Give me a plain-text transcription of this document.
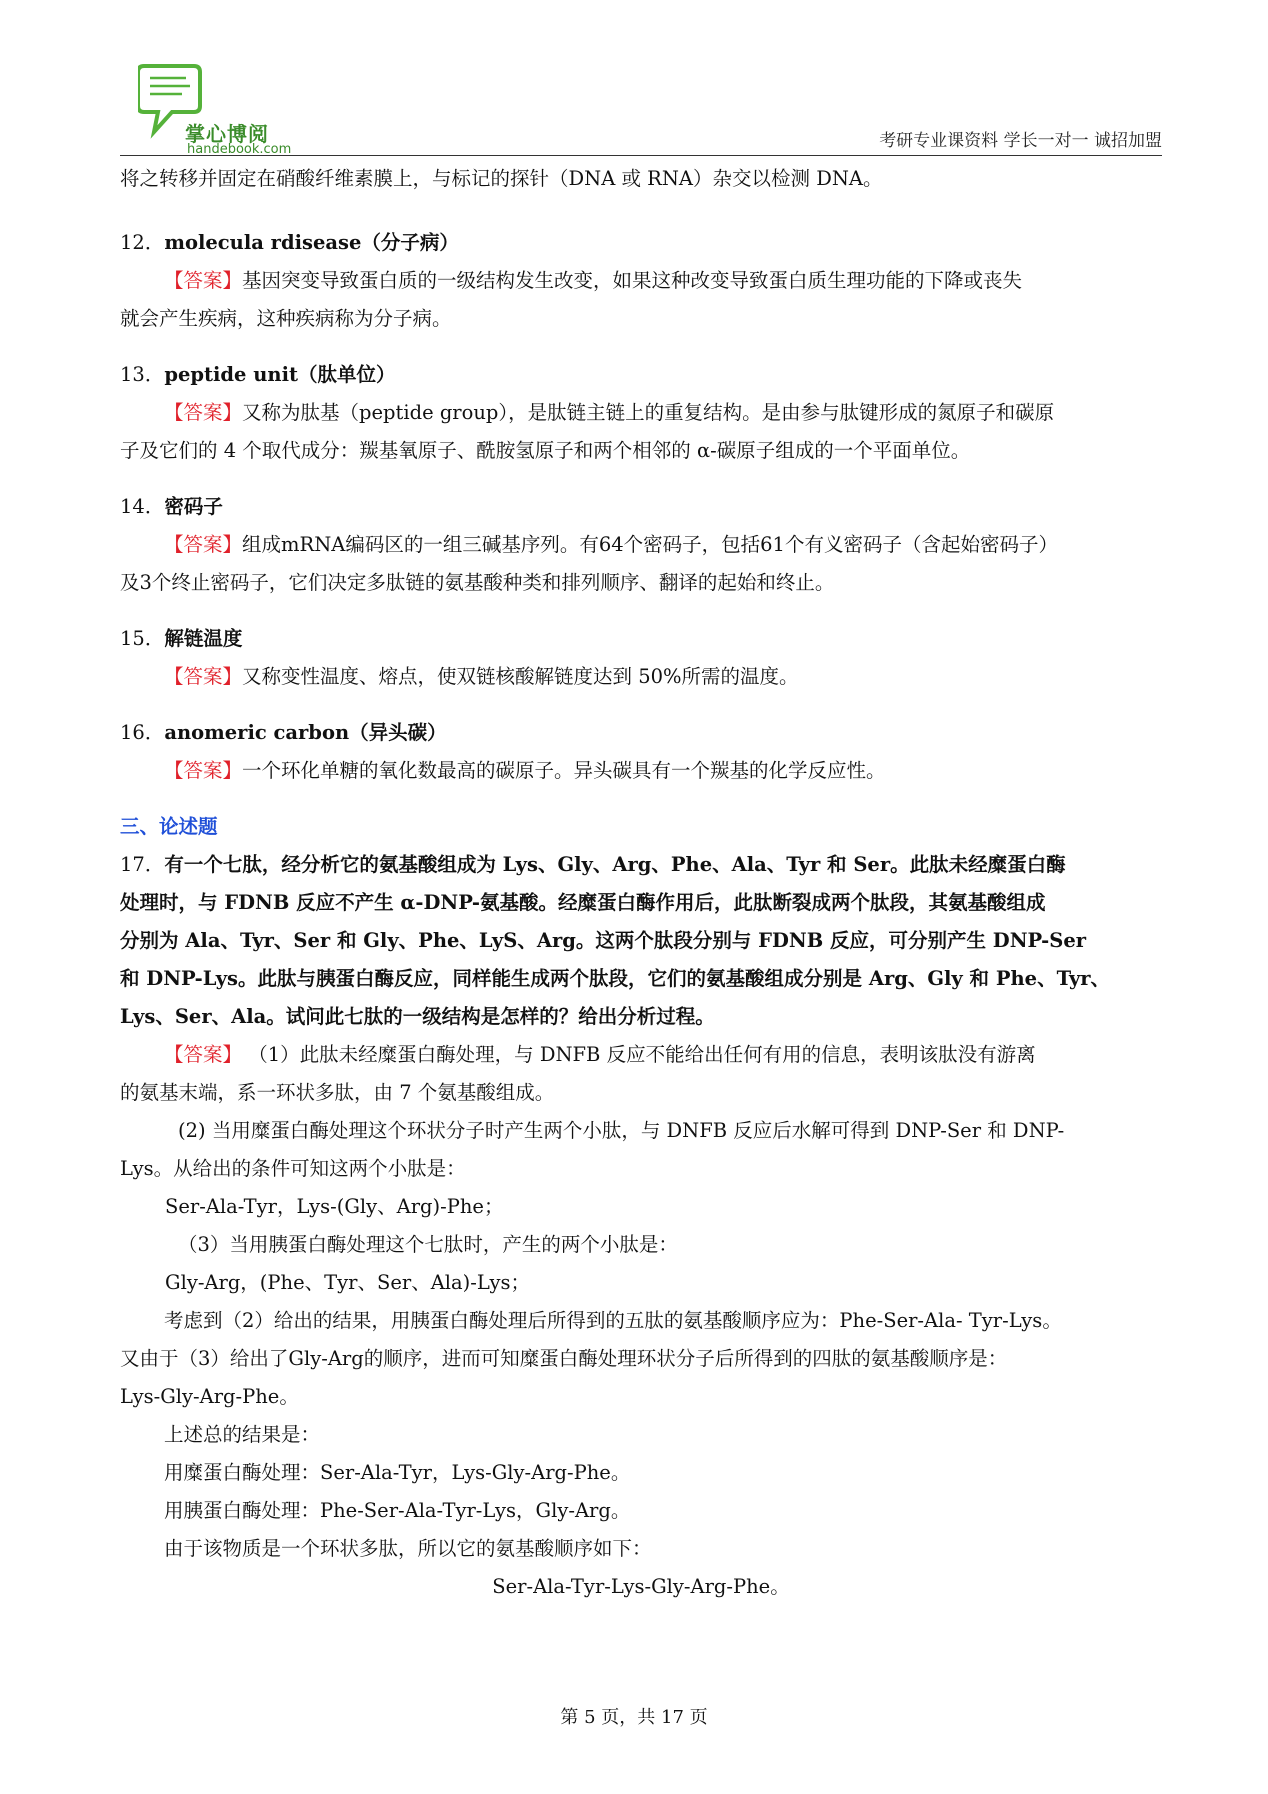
掌心博阅
handebook.com	考研专业课资料 学长一对一 诚招加盟
将之转移并固定在硝酸纤维素膜上，与标记的探针（DNA 或 RNA）杂交以检测 DNA。
12．molecula rdisease（分子病）
【答案】基因突变导致蛋白质的一级结构发生改变，如果这种改变导致蛋白质生理功能的下降或丧失
就会产生疾病，这种疾病称为分子病。
13．peptide unit（肽单位）
【答案】又称为肽基（peptide group），是肽链主链上的重复结构。是由参与肽键形成的氮原子和碳原
子及它们的 4 个取代成分：羰基氧原子、酰胺氢原子和两个相邻的 α-碳原子组成的一个平面单位。
14．密码子
【答案】组成mRNA编码区的一组三碱基序列。有64个密码子，包括61个有义密码子（含起始密码子）
及3个终止密码子，它们决定多肽链的氨基酸种类和排列顺序、翻译的起始和终止。
15．解链温度
【答案】又称变性温度、熔点，使双链核酸解链度达到 50%所需的温度。
16．anomeric carbon（异头碳）
【答案】一个环化单糖的氧化数最高的碳原子。异头碳具有一个羰基的化学反应性。
三、论述题
17．有一个七肽，经分析它的氨基酸组成为 Lys、Gly、Arg、Phe、Ala、Tyr 和 Ser。此肽未经糜蛋白酶
处理时，与 FDNB 反应不产生 α-DNP-氨基酸。经糜蛋白酶作用后，此肽断裂成两个肽段，其氨基酸组成
分别为 Ala、Tyr、Ser 和 Gly、Phe、LyS、Arg。这两个肽段分别与 FDNB 反应，可分别产生 DNP-Ser
和 DNP-Lys。此肽与胰蛋白酶反应，同样能生成两个肽段，它们的氨基酸组成分别是 Arg、Gly 和 Phe、Tyr、
Lys、Ser、Ala。试问此七肽的一级结构是怎样的？给出分析过程。
【答案】 （1）此肽未经糜蛋白酶处理，与 DNFB 反应不能给出任何有用的信息，表明该肽没有游离
的氨基末端，系一环状多肽，由 7 个氨基酸组成。
(2) 当用糜蛋白酶处理这个环状分子时产生两个小肽，与 DNFB 反应后水解可得到 DNP-Ser 和 DNP-
Lys。从给出的条件可知这两个小肽是：
Ser-Ala-Tyr，Lys-(Gly、Arg)-Phe；
（3）当用胰蛋白酶处理这个七肽时，产生的两个小肽是：
Gly-Arg，(Phe、Tyr、Ser、Ala)-Lys；
考虑到（2）给出的结果，用胰蛋白酶处理后所得到的五肽的氨基酸顺序应为：Phe-Ser-Ala- Tyr-Lys。
又由于（3）给出了Gly-Arg的顺序，进而可知糜蛋白酶处理环状分子后所得到的四肽的氨基酸顺序是：
Lys-Gly-Arg-Phe。
上述总的结果是：
用糜蛋白酶处理：Ser-Ala-Tyr，Lys-Gly-Arg-Phe。
用胰蛋白酶处理：Phe-Ser-Ala-Tyr-Lys，Gly-Arg。
由于该物质是一个环状多肽，所以它的氨基酸顺序如下：
Ser-Ala-Tyr-Lys-Gly-Arg-Phe。
第 5 页，共 17 页
